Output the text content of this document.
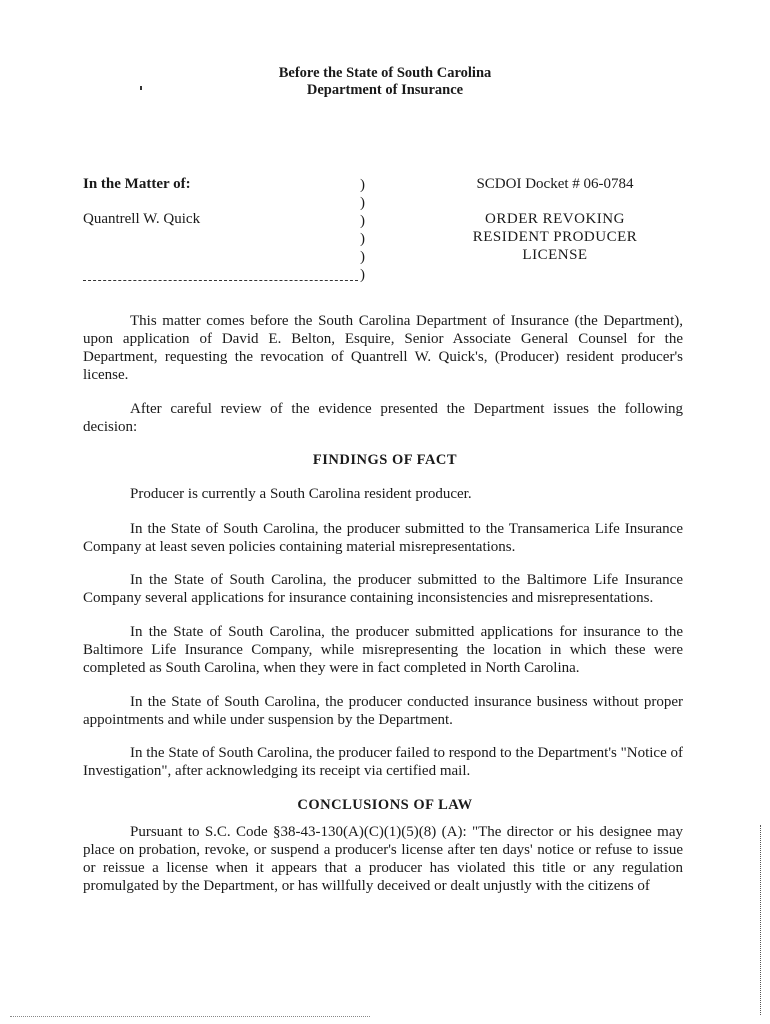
Before the State of South Carolina
Department of Insurance
In the Matter of:
Quantrell W. Quick
)
)
)
)
)
)
SCDOI Docket # 06-0784
ORDER REVOKING
RESIDENT PRODUCER
LICENSE
This matter comes before the South Carolina Department of Insurance (the Department), upon application of David E. Belton, Esquire, Senior Associate General Counsel for the Department, requesting the revocation of Quantrell W. Quick's, (Producer) resident producer's license.
After careful review of the evidence presented the Department issues the following decision:
FINDINGS OF FACT
Producer is currently a South Carolina resident producer.
In the State of South Carolina, the producer submitted to the Transamerica Life Insurance Company at least seven policies containing material misrepresentations.
In the State of South Carolina, the producer submitted to the Baltimore Life Insurance Company several applications for insurance containing inconsistencies and misrepresentations.
In the State of South Carolina, the producer submitted applications for insurance to the Baltimore Life Insurance Company, while misrepresenting the location in which these were completed as South Carolina, when they were in fact completed in North Carolina.
In the State of South Carolina, the producer conducted insurance business without proper appointments and while under suspension by the Department.
In the State of South Carolina, the producer failed to respond to the Department's "Notice of Investigation", after acknowledging its receipt via certified mail.
CONCLUSIONS OF LAW
Pursuant to S.C. Code §38-43-130(A)(C)(1)(5)(8) (A): "The director or his designee may place on probation, revoke, or suspend a producer's license after ten days' notice or refuse to issue or reissue a license when it appears that a producer has violated this title or any regulation promulgated by the Department, or has willfully deceived or dealt unjustly with the citizens of
